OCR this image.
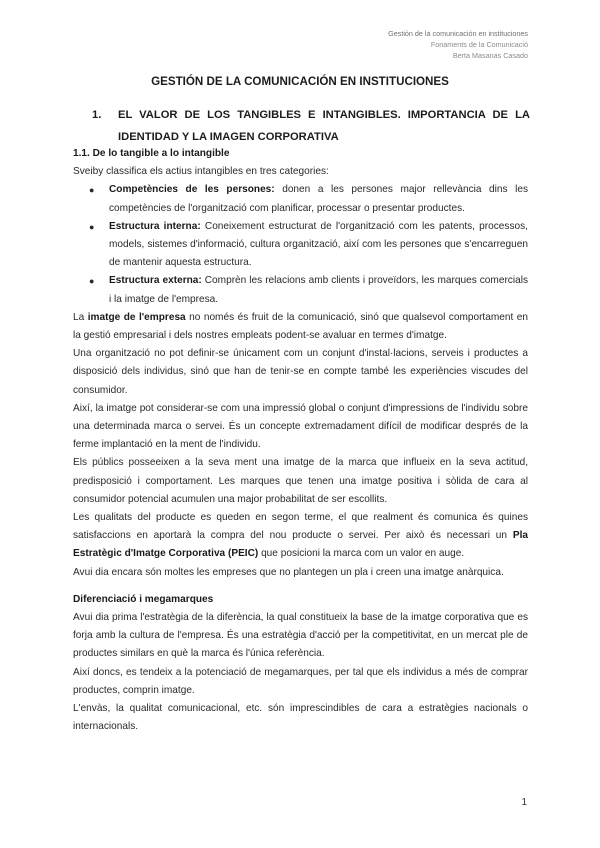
Gestión de la comunicación en instituciones
Fonaments de la Comunicació
Berta Masanas Casado
GESTIÓN DE LA COMUNICACIÓN EN INSTITUCIONES
1. EL VALOR DE LOS TANGIBLES E INTANGIBLES. IMPORTANCIA DE LA IDENTIDAD Y LA IMAGEN CORPORATIVA

1.1. De lo tangible a lo intangible

Sveiby classifica els actius intangibles en tres categories:

● Competències de les persones: donen a les persones major rellevància dins les competències de l'organització com planificar, processar o presentar productes.
● Estructura interna: Coneixement estructurat de l'organització com les patents, processos, models, sistemes d'informació, cultura organització, així com les persones que s'encarreguen de mantenir aquesta estructura.
● Estructura externa: Comprèn les relacions amb clients i proveïdors, les marques comercials i la imatge de l'empresa.

La imatge de l'empresa no només és fruit de la comunicació, sinó que qualsevol comportament en la gestió empresarial i dels nostres empleats podent-se avaluar en termes d'imatge.

Una organització no pot definir-se únicament com un conjunt d'instal·lacions, serveis i productes a disposició dels individus, sinó que han de tenir-se en compte també les experiències viscudes del consumidor.

Així, la imatge pot considerar-se com una impressió global o conjunt d'impressions de l'individu sobre una determinada marca o servei. És un concepte extremadament difícil de modificar després de la ferme implantació en la ment de l'individu.

Els públics posseeixen a la seva ment una imatge de la marca que influeix en la seva actitud, predisposició i comportament. Les marques que tenen una imatge positiva i sòlida de cara al consumidor potencial acumulen una major probabilitat de ser escollits.

Les qualitats del producte es queden en segon terme, el que realment és comunica és quines satisfaccions en aportarà la compra del nou producte o servei. Per això és necessari un Pla Estratègic d'Imatge Corporativa (PEIC) que posicioni la marca com un valor en auge.

Avui dia encara són moltes les empreses que no plantegen un pla i creen una imatge anàrquica.

Diferenciació i megamarques

Avui dia prima l'estratègia de la diferència, la qual constitueix la base de la imatge corporativa que es forja amb la cultura de l'empresa. És una estratègia d'acció per la competitivitat, en un mercat ple de productes similars en què la marca és l'única referència.

Així doncs, es tendeix a la potenciació de megamarques, per tal que els individus a més de comprar productes, comprin imatge.

L'envàs, la qualitat comunicacional, etc. són imprescindibles de cara a estratègies nacionals o internacionals.

1
